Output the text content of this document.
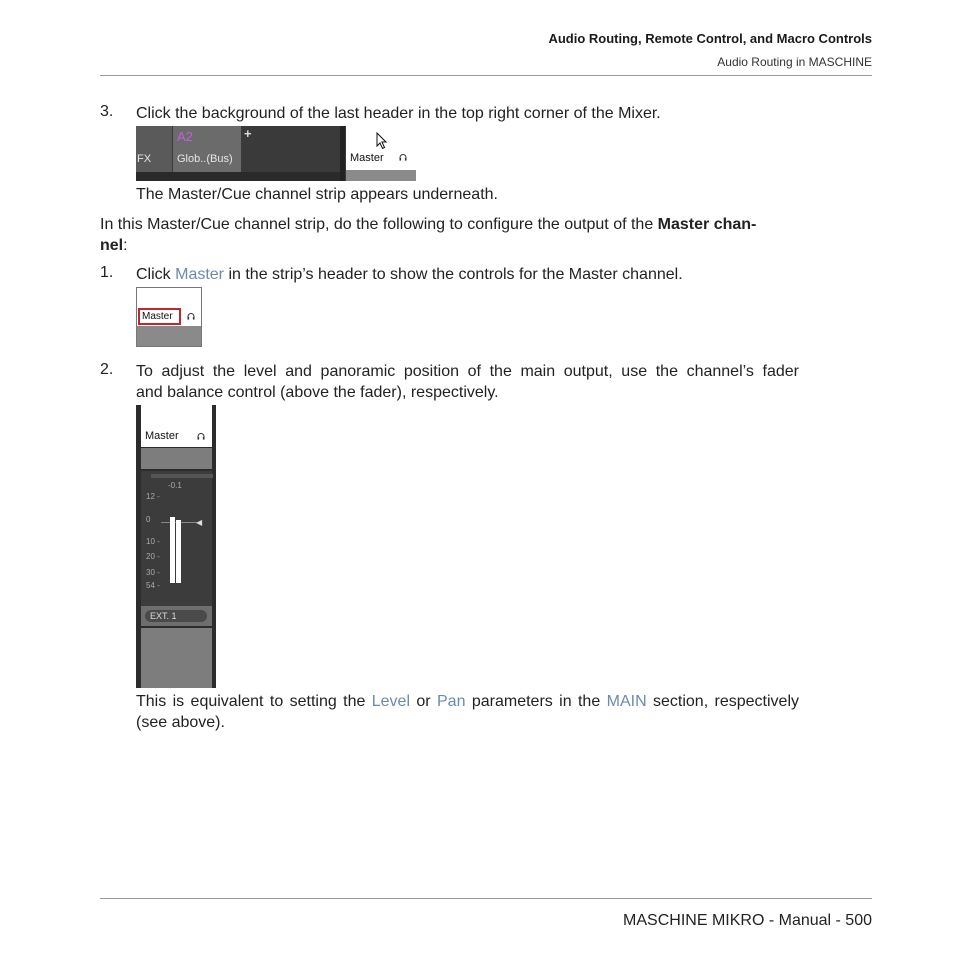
Audio Routing, Remote Control, and Macro Controls
Audio Routing in MASCHINE
3. Click the background of the last header in the top right corner of the Mixer.
FX
A2
Glob..(Bus)
+
Master
The Master/Cue channel strip appears underneath.
In this Master/Cue channel strip, do the following to configure the output of the Master chan-
nel:
1. Click Master in the strip’s header to show the controls for the Master channel.
Master
2. To adjust the level and panoramic position of the main output, use the channel’s fader
and balance control (above the fader), respectively.
Master
-0.1
12 -
0
10 -
20 -
30 -
54 -
◀
EXT. 1
This is equivalent to setting the Level or Pan parameters in the MAIN section, respectively
(see above).
MASCHINE MIKRO - Manual - 500
